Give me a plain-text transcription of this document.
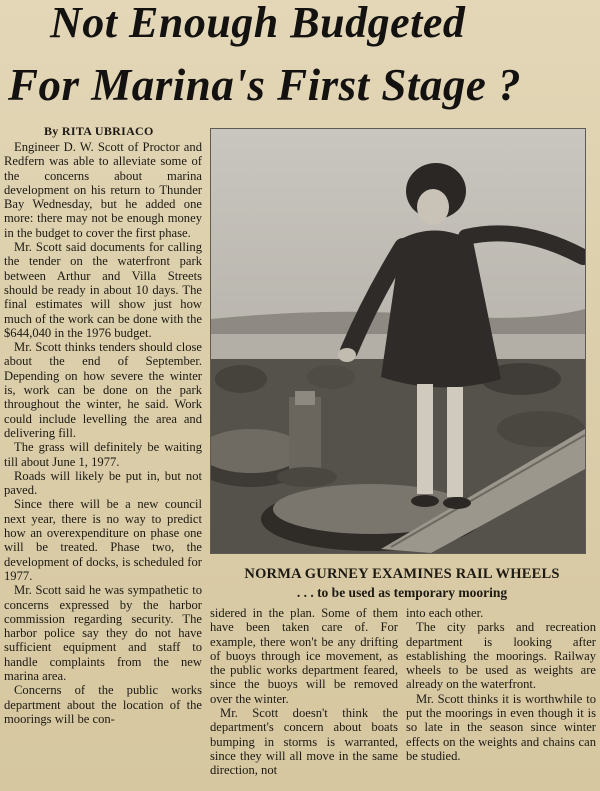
Not Enough Budgeted
For Marina's First Stage ?

By RITA UBRIACO

Engineer D. W. Scott of Proctor and Redfern was able to alleviate some of the concerns about marina development on his return to Thunder Bay Wednesday, but he added one more: there may not be enough money in the budget to cover the first phase.

Mr. Scott said documents for calling the tender on the waterfront park between Arthur and Villa Streets should be ready in about 10 days. The final estimates will show just how much of the work can be done with the $644,040 in the 1976 budget.

Mr. Scott thinks tenders should close about the end of September. Depending on how severe the winter is, work can be done on the park throughout the winter, he said. Work could include levelling the area and delivering fill.

The grass will definitely be waiting till about June 1, 1977.

Roads will likely be put in, but not paved.

Since there will be a new council next year, there is no way to predict how an overexpenditure on phase one will be treated. Phase two, the development of docks, is scheduled for 1977.

Mr. Scott said he was sympathetic to concerns expressed by the harbor commission regarding security. The harbor police say they do not have sufficient equipment and staff to handle complaints from the new marina area.

Concerns of the public works department about the location of the moorings will be con-

NORMA GURNEY EXAMINES RAIL WHEELS
. . . to be used as temporary mooring

sidered in the plan. Some of them have been taken care of. For example, there won't be any drifting of buoys through ice movement, as the public works department feared, since the buoys will be removed over the winter.

Mr. Scott doesn't think the department's concern about boats bumping in storms is warranted, since they will all move in the same direction, not

into each other.

The city parks and recreation department is looking after establishing the moorings. Railway wheels to be used as weights are already on the waterfront.

Mr. Scott thinks it is worthwhile to put the moorings in even though it is so late in the season since winter effects on the weights and chains can be studied.
